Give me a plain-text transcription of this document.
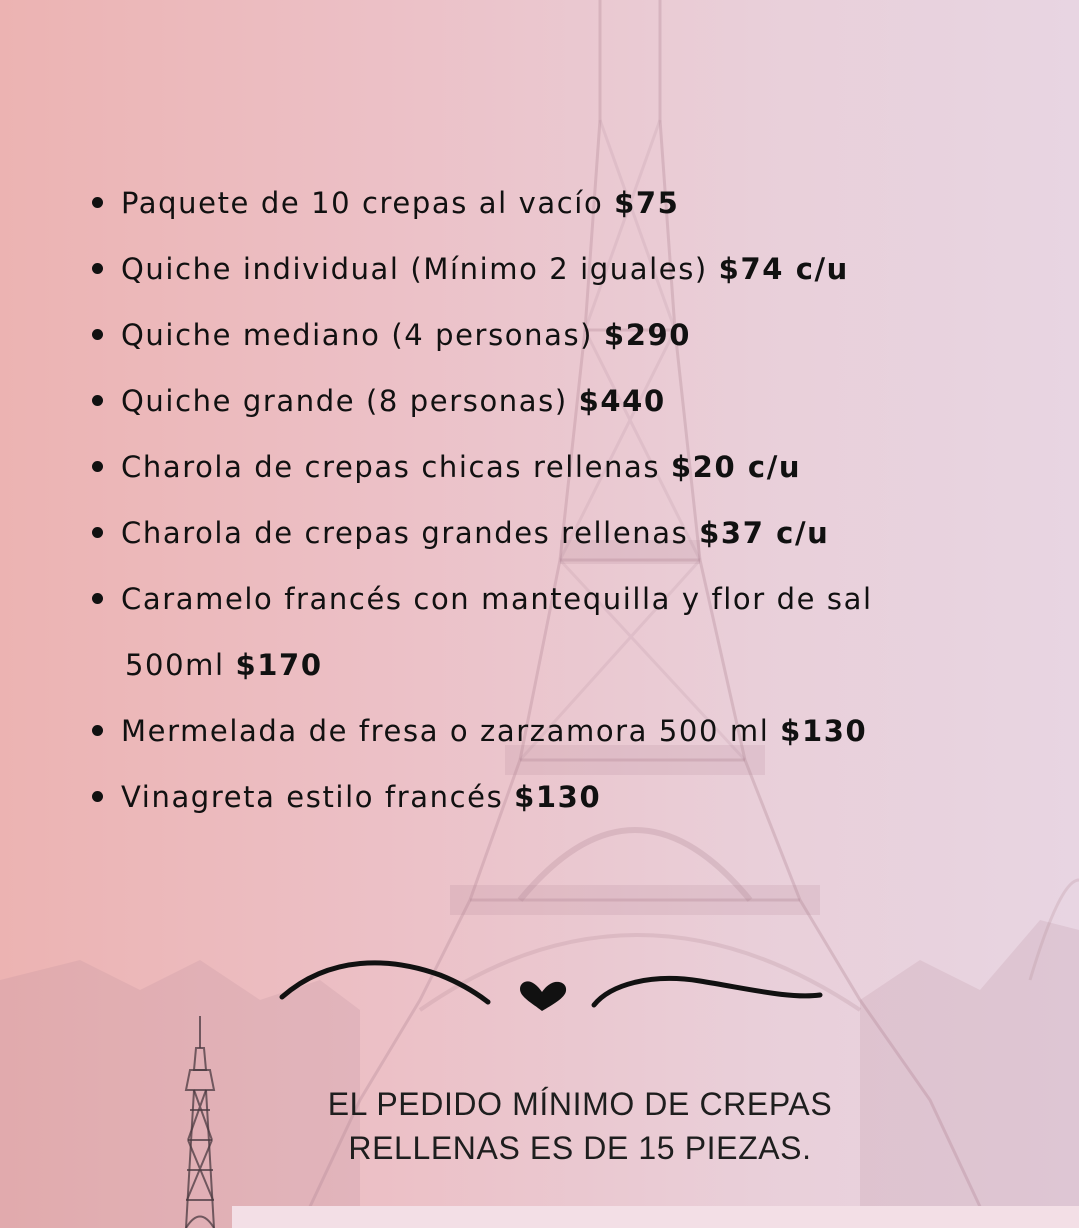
Paquete de 10 crepas al vacío $75
Quiche individual (Mínimo 2 iguales) $74 c/u
Quiche mediano (4 personas) $290
Quiche grande (8 personas) $440
Charola de crepas chicas rellenas $20 c/u
Charola de crepas grandes rellenas $37 c/u
Caramelo francés con mantequilla y flor de sal
500ml $170
Mermelada de fresa o zarzamora 500 ml $130
Vinagreta estilo francés $130
EL PEDIDO MÍNIMO DE CREPAS
RELLENAS ES DE 15 PIEZAS.
